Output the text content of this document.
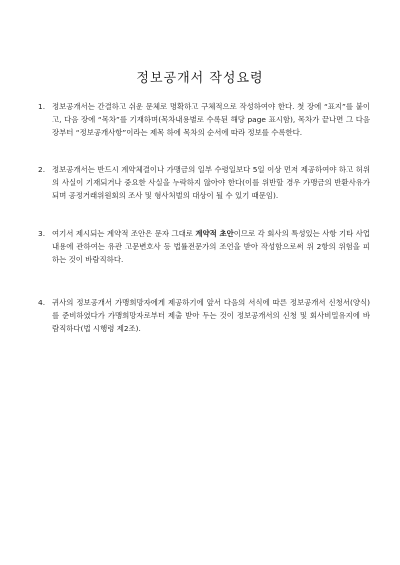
정보공개서 작성요령
1. 정보공개서는 간결하고 쉬운 문체로 명확하고 구체적으로 작성하여야 한다. 첫 장에 “표지”를 붙이고, 다음 장에 “목차”를 기재하며(목차내용별로 수록된 해당 page 표시함), 목차가 끝나면 그 다음 장부터 “정보공개사항”이라는 제목 하에 목차의 순서에 따라 정보를 수록한다.
2. 정보공개서는 반드시 계약체결이나 가맹금의 일부 수령일보다 5일 이상 먼저 제공하여야 하고 허위의 사실이 기재되거나 중요한 사실을 누락하지 않아야 한다(이를 위반할 경우 가맹금의 반환사유가 되며 공정거래위원회의 조사 및 형사처벌의 대상이 될 수 있기 때문임).
3. 여기서 제시되는 계약적 조안은 문자 그대로 계약적 초안이므로 각 회사의 특성있는 사항 기타 사업내용에 관하여는 유관 고문변호사 등 법률전문가의 조언을 받아 작성함으로써 위 2항의 위험을 피하는 것이 바람직하다.
4. 귀사의 정보공개서 가맹희망자에게 제공하기에 앞서 다음의 서식에 따른 정보공개서 신청서(양식)를 준비하였다가 가맹희망자로부터 제출 받아 두는 것이 정보공개서의 신청 및 회사비밀유지에 바람직하다(법 시행령 제2조).
